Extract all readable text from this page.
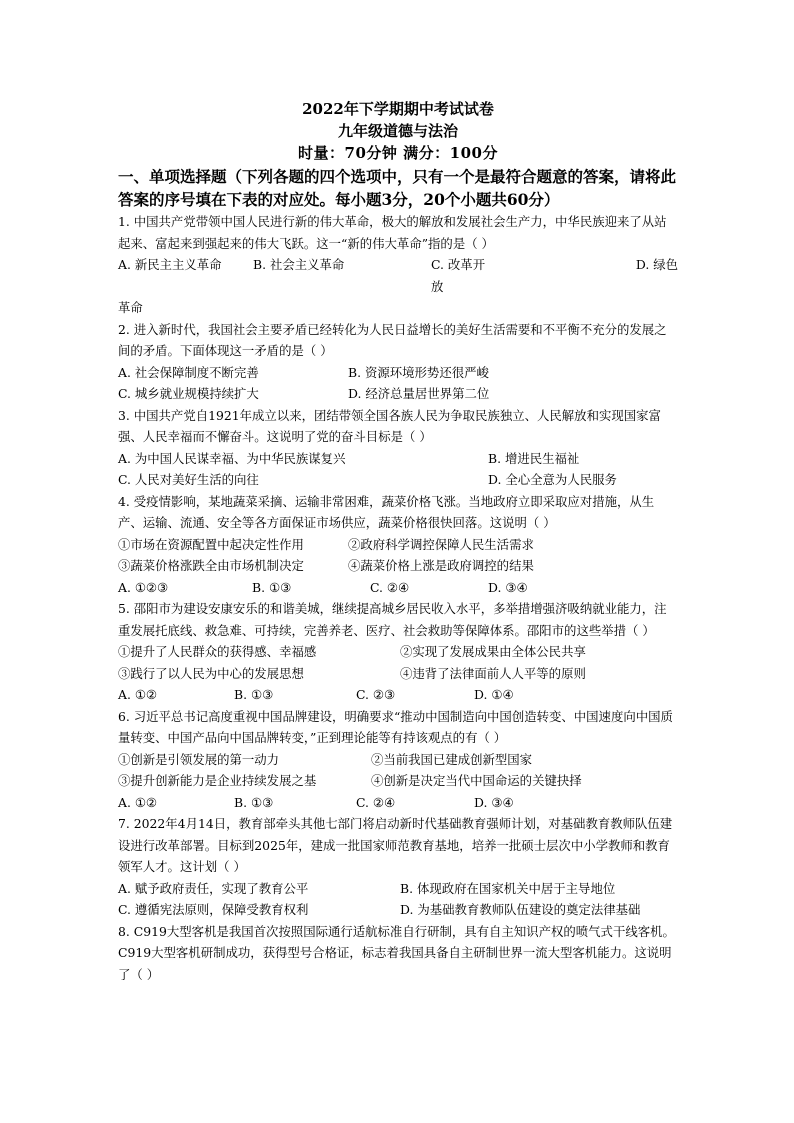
2022年下学期期中考试试卷
九年级道德与法治
时量：70分钟 满分：100分
一、单项选择题（下列各题的四个选项中，只有一个是最符合题意的答案，请将此答案的序号填在下表的对应处。每小题3分，20个小题共60分）
1. 中国共产党带领中国人民进行新的伟大革命，极大的解放和发展社会生产力，中华民族迎来了从站起来、富起来到强起来的伟大飞跃。这一“新的伟大革命”指的是（ ）
A. 新民主主义革命	B. 社会主义革命	C. 改革开放
D. 绿色
革命
2. 进入新时代，我国社会主要矛盾已经转化为人民日益增长的美好生活需要和不平衡不充分的发展之间的矛盾。下面体现这一矛盾的是（ ）
A. 社会保障制度不断完善	B. 资源环境形势还很严峻
C. 城乡就业规模持续扩大	D. 经济总量居世界第二位
3. 中国共产党自1921年成立以来，团结带领全国各族人民为争取民族独立、人民解放和实现国家富强、人民幸福而不懈奋斗。这说明了党的奋斗目标是（ ）
A. 为中国人民谋幸福、为中华民族谋复兴	B. 增进民生福祉
C. 人民对美好生活的向往	D. 全心全意为人民服务
4. 受疫情影响，某地蔬菜采摘、运输非常困难，蔬菜价格飞涨。当地政府立即采取应对措施，从生产、运输、流通、安全等各方面保证市场供应，蔬菜价格很快回落。这说明（ ）
①市场在资源配置中起决定性作用	②政府科学调控保障人民生活需求
③蔬菜价格涨跌全由市场机制决定	④蔬菜价格上涨是政府调控的结果
A. ①②③	B. ①③	C. ②④	D. ③④
5. 邵阳市为建设安康安乐的和谐美城，继续提高城乡居民收入水平，多举措增强济吸纳就业能力，注重发展托底线、救急难、可持续，完善养老、医疗、社会救助等保障体系。邵阳市的这些举措（ ）
①提升了人民群众的获得感、幸福感	②实现了发展成果由全体公民共享
③践行了以人民为中心的发展思想	④违背了法律面前人人平等的原则
A. ①②	B. ①③	C. ②③	D. ①④
6. 习近平总书记高度重视中国品牌建设，明确要求“推动中国制造向中国创造转变、中国速度向中国质量转变、中国产品向中国品牌转变，”正到理论能等有持该观点的有（ ）
①创新是引领发展的第一动力	②当前我国已建成创新型国家
③提升创新能力是企业持续发展之基	④创新是决定当代中国命运的关键抉择
A. ①②	B. ①③	C. ②④	D. ③④
7. 2022年4月14日，教育部牵头其他七部门将启动新时代基础教育强师计划，对基础教育教师队伍建设进行改革部署。目标到2025年，建成一批国家师范教育基地，培养一批硕士层次中小学教师和教育领军人才。这计划（ ）
A. 赋予政府责任，实现了教育公平	B. 体现政府在国家机关中居于主导地位
C. 遵循宪法原则，保障受教育权利	D. 为基础教育教师队伍建设的奠定法律基础
8. C919大型客机是我国首次按照国际通行适航标准自行研制，具有自主知识产权的喷气式干线客机。C919大型客机研制成功，获得型号合格证，标志着我国具备自主研制世界一流大型客机能力。这说明了（ ）
